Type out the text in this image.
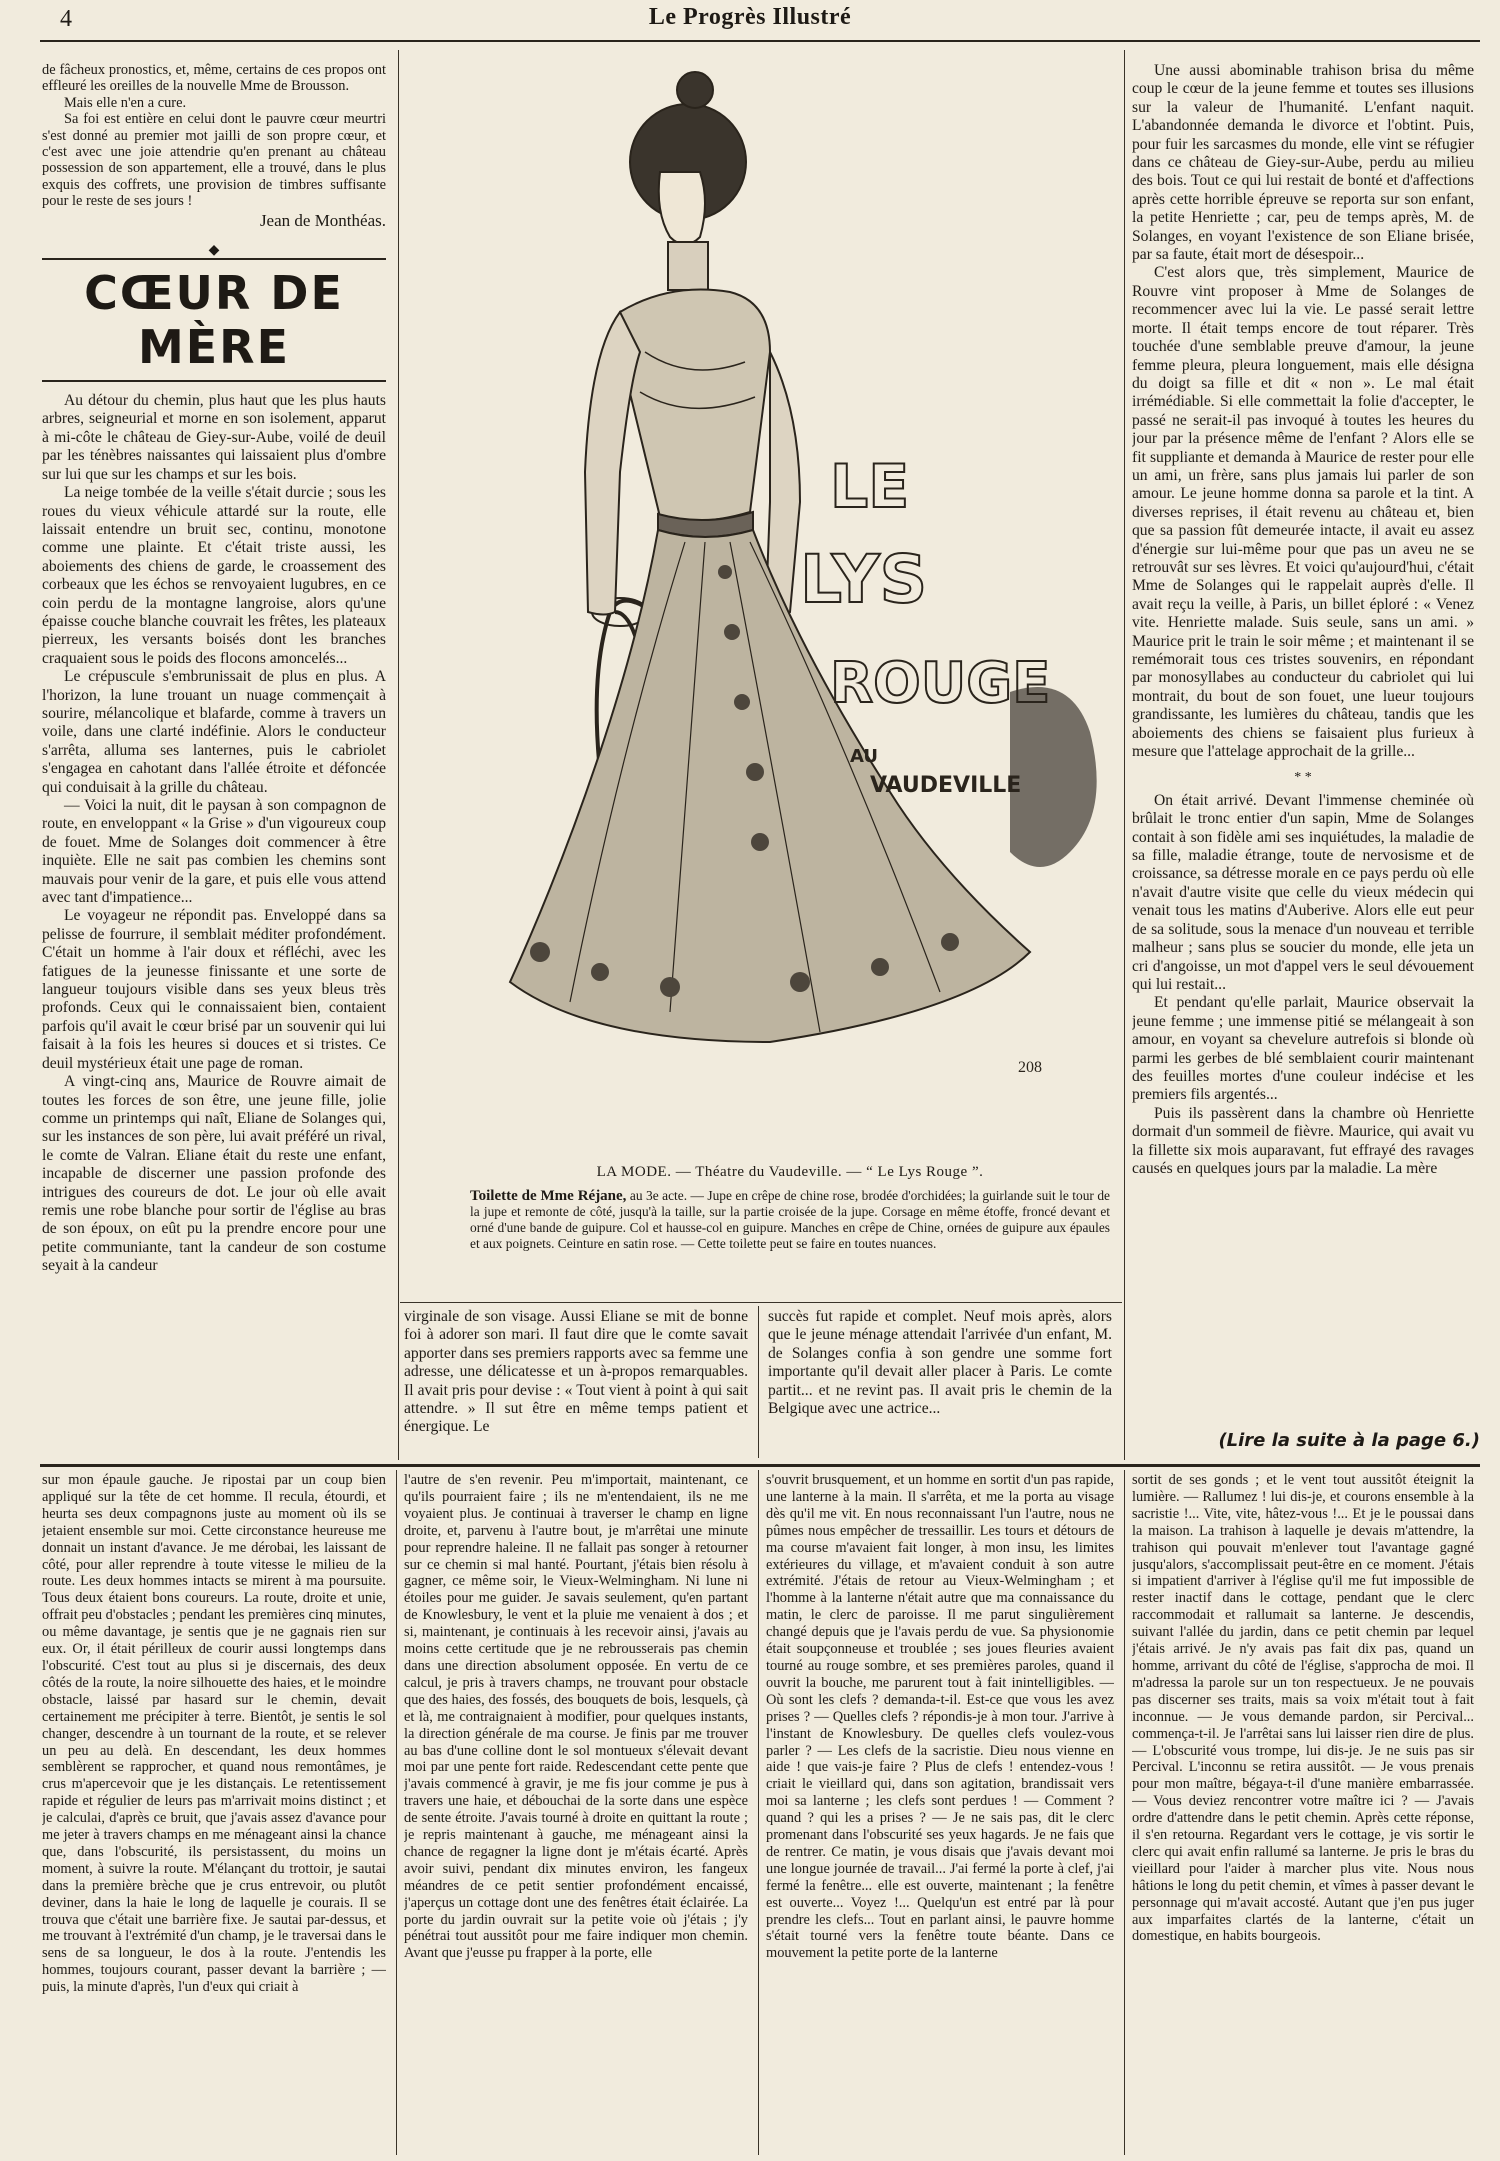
4	Le Progrès Illustré

de fâcheux pronostics, et, même, certains de ces propos ont effleuré les oreilles de la nouvelle Mme de Brousson.

Mais elle n'en a cure.

Sa foi est entière en celui dont le pauvre cœur meurtri s'est donné au premier mot jailli de son propre cœur, et c'est avec une joie attendrie qu'en prenant au château possession de son appartement, elle a trouvé, dans le plus exquis des coffrets, une provision de timbres suffisante pour le reste de ses jours !

Jean de Monthéas.
◆
CŒUR DE MÈRE

Au détour du chemin, plus haut que les plus hauts arbres, seigneurial et morne en son isolement, apparut à mi-côte le château de Giey-sur-Aube, voilé de deuil par les ténèbres naissantes qui laissaient plus d'ombre sur lui que sur les champs et sur les bois.

La neige tombée de la veille s'était durcie ; sous les roues du vieux véhicule attardé sur la route, elle laissait entendre un bruit sec, continu, monotone comme une plainte. Et c'était triste aussi, les aboiements des chiens de garde, le croassement des corbeaux que les échos se renvoyaient lugubres, en ce coin perdu de la montagne langroise, alors qu'une épaisse couche blanche couvrait les frêtes, les plateaux pierreux, les versants boisés dont les branches craquaient sous le poids des flocons amoncelés...

Le crépuscule s'embrunissait de plus en plus. A l'horizon, la lune trouant un nuage commençait à sourire, mélancolique et blafarde, comme à travers un voile, dans une clarté indéfinie. Alors le conducteur s'arrêta, alluma ses lanternes, puis le cabriolet s'engagea en cahotant dans l'allée étroite et défoncée qui conduisait à la grille du château.

— Voici la nuit, dit le paysan à son compagnon de route, en enveloppant « la Grise » d'un vigoureux coup de fouet. Mme de Solanges doit commencer à être inquiète. Elle ne sait pas combien les chemins sont mauvais pour venir de la gare, et puis elle vous attend avec tant d'impatience...

Le voyageur ne répondit pas. Enveloppé dans sa pelisse de fourrure, il semblait méditer profondément. C'était un homme à l'air doux et réfléchi, avec les fatigues de la jeunesse finissante et une sorte de langueur toujours visible dans ses yeux bleus très profonds. Ceux qui le connaissaient bien, contaient parfois qu'il avait le cœur brisé par un souvenir qui lui faisait à la fois les heures si douces et si tristes. Ce deuil mystérieux était une page de roman.

A vingt-cinq ans, Maurice de Rouvre aimait de toutes les forces de son être, une jeune fille, jolie comme un printemps qui naît, Eliane de Solanges qui, sur les instances de son père, lui avait préféré un rival, le comte de Valran. Eliane était du reste une enfant, incapable de discerner une passion profonde des intrigues des coureurs de dot. Le jour où elle avait remis une robe blanche pour sortir de l'église au bras de son époux, on eût pu la prendre encore pour une petite communiante, tant la candeur de son costume seyait à la candeur

LE
LYS
ROUGE
AU
VAUDEVILLE
208
LA MODE. — Théatre du Vaudeville. — “ Le Lys Rouge ”.
Toilette de Mme Réjane, au 3e acte. — Jupe en crêpe de chine rose, brodée d'orchidées; la guirlande suit le tour de la jupe et remonte de côté, jusqu'à la taille, sur la partie croisée de la jupe. Corsage en même étoffe, froncé devant et orné d'une bande de guipure. Col et hausse-col en guipure. Manches en crêpe de Chine, ornées de guipure aux épaules et aux poignets. Ceinture en satin rose. — Cette toilette peut se faire en toutes nuances.
virginale de son visage. Aussi Eliane se mit de bonne foi à adorer son mari. Il faut dire que le comte savait apporter dans ses premiers rapports avec sa femme une adresse, une délicatesse et un à-propos remarquables. Il avait pris pour devise : « Tout vient à point à qui sait attendre. » Il sut être en même temps patient et énergique. Le
succès fut rapide et complet. Neuf mois après, alors que le jeune ménage attendait l'arrivée d'un enfant, M. de Solanges confia à son gendre une somme fort importante qu'il devait aller placer à Paris. Le comte partit... et ne revint pas. Il avait pris le chemin de la Belgique avec une actrice...

Une aussi abominable trahison brisa du même coup le cœur de la jeune femme et toutes ses illusions sur la valeur de l'humanité. L'enfant naquit. L'abandonnée demanda le divorce et l'obtint. Puis, pour fuir les sarcasmes du monde, elle vint se réfugier dans ce château de Giey-sur-Aube, perdu au milieu des bois. Tout ce qui lui restait de bonté et d'affections après cette horrible épreuve se reporta sur son enfant, la petite Henriette ; car, peu de temps après, M. de Solanges, en voyant l'existence de son Eliane brisée, par sa faute, était mort de désespoir...

C'est alors que, très simplement, Maurice de Rouvre vint proposer à Mme de Solanges de recommencer avec lui la vie. Le passé serait lettre morte. Il était temps encore de tout réparer. Très touchée d'une semblable preuve d'amour, la jeune femme pleura, pleura longuement, mais elle désigna du doigt sa fille et dit « non ». Le mal était irrémédiable. Si elle commettait la folie d'accepter, le passé ne serait-il pas invoqué à toutes les heures du jour par la présence même de l'enfant ? Alors elle se fit suppliante et demanda à Maurice de rester pour elle un ami, un frère, sans plus jamais lui parler de son amour. Le jeune homme donna sa parole et la tint. A diverses reprises, il était revenu au château et, bien que sa passion fût demeurée intacte, il avait eu assez d'énergie sur lui-même pour que pas un aveu ne se retrouvât sur ses lèvres. Et voici qu'aujourd'hui, c'était Mme de Solanges qui le rappelait auprès d'elle. Il avait reçu la veille, à Paris, un billet éploré : « Venez vite. Henriette malade. Suis seule, sans un ami. » Maurice prit le train le soir même ; et maintenant il se remémorait tous ces tristes souvenirs, en répondant par monosyllabes au conducteur du cabriolet qui lui montrait, du bout de son fouet, une lueur toujours grandissante, les lumières du château, tandis que les aboiements des chiens se faisaient plus furieux à mesure que l'attelage approchait de la grille...

* *

On était arrivé. Devant l'immense cheminée où brûlait le tronc entier d'un sapin, Mme de Solanges contait à son fidèle ami ses inquiétudes, la maladie de sa fille, maladie étrange, toute de nervosisme et de croissance, sa détresse morale en ce pays perdu où elle n'avait d'autre visite que celle du vieux médecin qui venait tous les matins d'Auberive. Alors elle eut peur de sa solitude, sous la menace d'un nouveau et terrible malheur ; sans plus se soucier du monde, elle jeta un cri d'angoisse, un mot d'appel vers le seul dévouement qui lui restait...

Et pendant qu'elle parlait, Maurice observait la jeune femme ; une immense pitié se mélangeait à son amour, en voyant sa chevelure autrefois si blonde où parmi les gerbes de blé semblaient courir maintenant des feuilles mortes d'une couleur indécise et les premiers fils argentés...

Puis ils passèrent dans la chambre où Henriette dormait d'un sommeil de fièvre. Maurice, qui avait vu la fillette six mois auparavant, fut effrayé des ravages causés en quelques jours par la maladie. La mère

(Lire la suite à la page 6.)
sur mon épaule gauche. Je ripostai par un coup bien appliqué sur la tête de cet homme. Il recula, étourdi, et heurta ses deux compagnons juste au moment où ils se jetaient ensemble sur moi. Cette circonstance heureuse me donnait un instant d'avance. Je me dérobai, les laissant de côté, pour aller reprendre à toute vitesse le milieu de la route. Les deux hommes intacts se mirent à ma poursuite. Tous deux étaient bons coureurs. La route, droite et unie, offrait peu d'obstacles ; pendant les premières cinq minutes, ou même davantage, je sentis que je ne gagnais rien sur eux. Or, il était périlleux de courir aussi longtemps dans l'obscurité. C'est tout au plus si je discernais, des deux côtés de la route, la noire silhouette des haies, et le moindre obstacle, laissé par hasard sur le chemin, devait certainement me précipiter à terre. Bientôt, je sentis le sol changer, descendre à un tournant de la route, et se relever un peu au delà. En descendant, les deux hommes semblèrent se rapprocher, et quand nous remontâmes, je crus m'apercevoir que je les distançais. Le retentissement rapide et régulier de leurs pas m'arrivait moins distinct ; et je calculai, d'après ce bruit, que j'avais assez d'avance pour me jeter à travers champs en me ménageant ainsi la chance que, dans l'obscurité, ils persistassent, du moins un moment, à suivre la route. M'élançant du trottoir, je sautai dans la première brèche que je crus entrevoir, ou plutôt deviner, dans la haie le long de laquelle je courais. Il se trouva que c'était une barrière fixe. Je sautai par-dessus, et me trouvant à l'extrémité d'un champ, je le traversai dans le sens de sa longueur, le dos à la route. J'entendis les hommes, toujours courant, passer devant la barrière ; — puis, la minute d'après, l'un d'eux qui criait à
l'autre de s'en revenir. Peu m'importait, maintenant, ce qu'ils pourraient faire ; ils ne m'entendaient, ils ne me voyaient plus. Je continuai à traverser le champ en ligne droite, et, parvenu à l'autre bout, je m'arrêtai une minute pour reprendre haleine. Il ne fallait pas songer à retourner sur ce chemin si mal hanté. Pourtant, j'étais bien résolu à gagner, ce même soir, le Vieux-Welmingham. Ni lune ni étoiles pour me guider. Je savais seulement, qu'en partant de Knowlesbury, le vent et la pluie me venaient à dos ; et si, maintenant, je continuais à les recevoir ainsi, j'avais au moins cette certitude que je ne rebrousserais pas chemin dans une direction absolument opposée. En vertu de ce calcul, je pris à travers champs, ne trouvant pour obstacle que des haies, des fossés, des bouquets de bois, lesquels, çà et là, me contraignaient à modifier, pour quelques instants, la direction générale de ma course. Je finis par me trouver au bas d'une colline dont le sol montueux s'élevait devant moi par une pente fort raide. Redescendant cette pente que j'avais commencé à gravir, je me fis jour comme je pus à travers une haie, et débouchai de la sorte dans une espèce de sente étroite. J'avais tourné à droite en quittant la route ; je repris maintenant à gauche, me ménageant ainsi la chance de regagner la ligne dont je m'étais écarté. Après avoir suivi, pendant dix minutes environ, les fangeux méandres de ce petit sentier profondément encaissé, j'aperçus un cottage dont une des fenêtres était éclairée. La porte du jardin ouvrait sur la petite voie où j'étais ; j'y pénétrai tout aussitôt pour me faire indiquer mon chemin. Avant que j'eusse pu frapper à la porte, elle
s'ouvrit brusquement, et un homme en sortit d'un pas rapide, une lanterne à la main. Il s'arrêta, et me la porta au visage dès qu'il me vit. En nous reconnaissant l'un l'autre, nous ne pûmes nous empêcher de tressaillir. Les tours et détours de ma course m'avaient fait longer, à mon insu, les limites extérieures du village, et m'avaient conduit à son autre extrémité. J'étais de retour au Vieux-Welmingham ; et l'homme à la lanterne n'était autre que ma connaissance du matin, le clerc de paroisse. Il me parut singulièrement changé depuis que je l'avais perdu de vue. Sa physionomie était soupçonneuse et troublée ; ses joues fleuries avaient tourné au rouge sombre, et ses premières paroles, quand il ouvrit la bouche, me parurent tout à fait inintelligibles. — Où sont les clefs ? demanda-t-il. Est-ce que vous les avez prises ? — Quelles clefs ? répondis-je à mon tour. J'arrive à l'instant de Knowlesbury. De quelles clefs voulez-vous parler ? — Les clefs de la sacristie. Dieu nous vienne en aide ! que vais-je faire ? Plus de clefs ! entendez-vous ! criait le vieillard qui, dans son agitation, brandissait vers moi sa lanterne ; les clefs sont perdues ! — Comment ? quand ? qui les a prises ? — Je ne sais pas, dit le clerc promenant dans l'obscurité ses yeux hagards. Je ne fais que de rentrer. Ce matin, je vous disais que j'avais devant moi une longue journée de travail... J'ai fermé la porte à clef, j'ai fermé la fenêtre... elle est ouverte, maintenant ; la fenêtre est ouverte... Voyez !... Quelqu'un est entré par là pour prendre les clefs... Tout en parlant ainsi, le pauvre homme s'était tourné vers la fenêtre toute béante. Dans ce mouvement la petite porte de la lanterne
sortit de ses gonds ; et le vent tout aussitôt éteignit la lumière. — Rallumez ! lui dis-je, et courons ensemble à la sacristie !... Vite, vite, hâtez-vous !... Et je le poussai dans la maison. La trahison à laquelle je devais m'attendre, la trahison qui pouvait m'enlever tout l'avantage gagné jusqu'alors, s'accomplissait peut-être en ce moment. J'étais si impatient d'arriver à l'église qu'il me fut impossible de rester inactif dans le cottage, pendant que le clerc raccommodait et rallumait sa lanterne. Je descendis, suivant l'allée du jardin, dans ce petit chemin par lequel j'étais arrivé. Je n'y avais pas fait dix pas, quand un homme, arrivant du côté de l'église, s'approcha de moi. Il m'adressa la parole sur un ton respectueux. Je ne pouvais pas discerner ses traits, mais sa voix m'était tout à fait inconnue. — Je vous demande pardon, sir Percival... commença-t-il. Je l'arrêtai sans lui laisser rien dire de plus. — L'obscurité vous trompe, lui dis-je. Je ne suis pas sir Percival. L'inconnu se retira aussitôt. — Je vous prenais pour mon maître, bégaya-t-il d'une manière embarrassée. — Vous deviez rencontrer votre maître ici ? — J'avais ordre d'attendre dans le petit chemin. Après cette réponse, il s'en retourna. Regardant vers le cottage, je vis sortir le clerc qui avait enfin rallumé sa lanterne. Je pris le bras du vieillard pour l'aider à marcher plus vite. Nous nous hâtions le long du petit chemin, et vîmes à passer devant le personnage qui m'avait accosté. Autant que j'en pus juger aux imparfaites clartés de la lanterne, c'était un domestique, en habits bourgeois.
